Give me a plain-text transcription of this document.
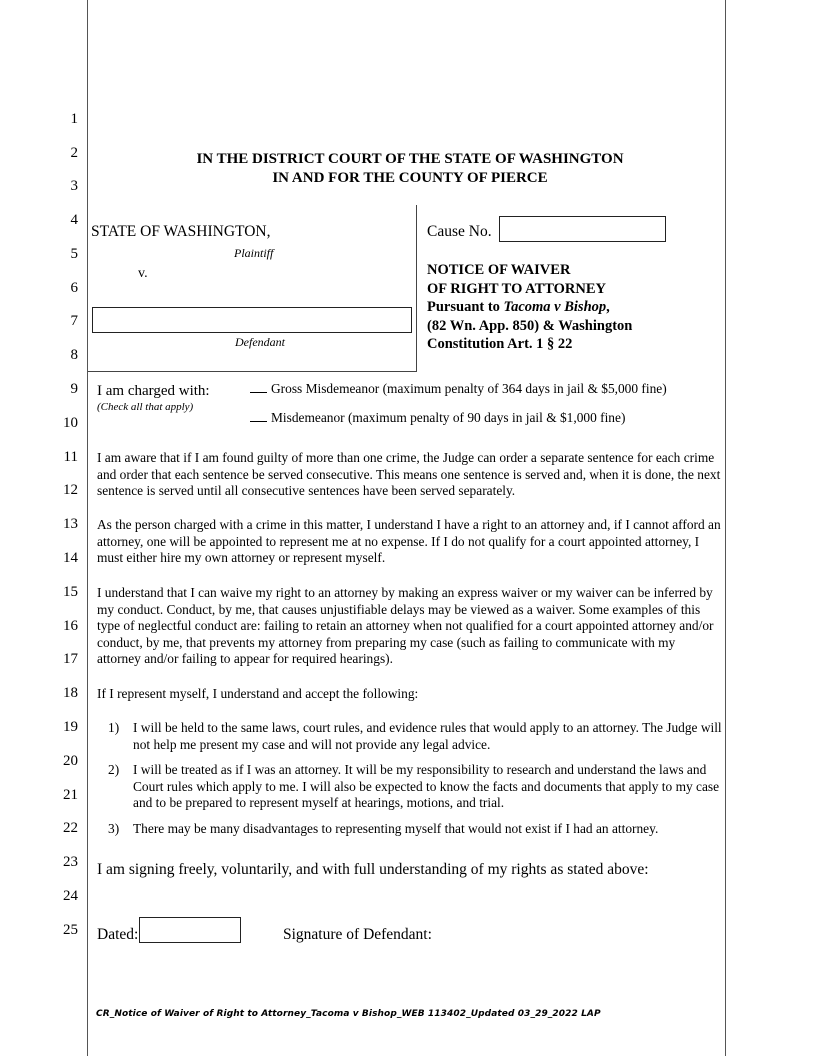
1
2
3
4
5
6
7
8
9
10
11
12
13
14
15
16
17
18
19
20
21
22
23
24
25
IN THE DISTRICT COURT OF THE STATE OF WASHINGTON
IN AND FOR THE COUNTY OF PIERCE
STATE OF WASHINGTON,
Plaintiff
v.
Defendant
Cause No.
NOTICE OF WAIVER
OF RIGHT TO ATTORNEY
Pursuant to Tacoma v Bishop,
(82 Wn. App. 850) & Washington
Constitution Art. 1 § 22
I am charged with:
(Check all that apply)
Gross Misdemeanor (maximum penalty of 364 days in jail & $5,000 fine)
Misdemeanor (maximum penalty of 90 days in jail & $1,000 fine)
I am aware that if I am found guilty of more than one crime, the Judge can order a separate sentence for each crime and order that each sentence be served consecutive. This means one sentence is served and, when it is done, the next sentence is served until all consecutive sentences have been served separately.
As the person charged with a crime in this matter, I understand I have a right to an attorney and, if I cannot afford an attorney, one will be appointed to represent me at no expense. If I do not qualify for a court appointed attorney, I must either hire my own attorney or represent myself.
I understand that I can waive my right to an attorney by making an express waiver or my waiver can be inferred by my conduct. Conduct, by me, that causes unjustifiable delays may be viewed as a waiver. Some examples of this type of neglectful conduct are: failing to retain an attorney when not qualified for a court appointed attorney and/or conduct, by me, that prevents my attorney from preparing my case (such as failing to communicate with my attorney and/or failing to appear for required hearings).
If I represent myself, I understand and accept the following:
1) I will be held to the same laws, court rules, and evidence rules that would apply to an attorney. The Judge will not help me present my case and will not provide any legal advice.
2) I will be treated as if I was an attorney. It will be my responsibility to research and understand the laws and Court rules which apply to me. I will also be expected to know the facts and documents that apply to my case and to be prepared to represent myself at hearings, motions, and trial.
3) There may be many disadvantages to representing myself that would not exist if I had an attorney.
I am signing freely, voluntarily, and with full understanding of my rights as stated above:
Dated:	Signature of Defendant:
CR_Notice of Waiver of Right to Attorney_Tacoma v Bishop_WEB 113402_Updated 03_29_2022 LAP
